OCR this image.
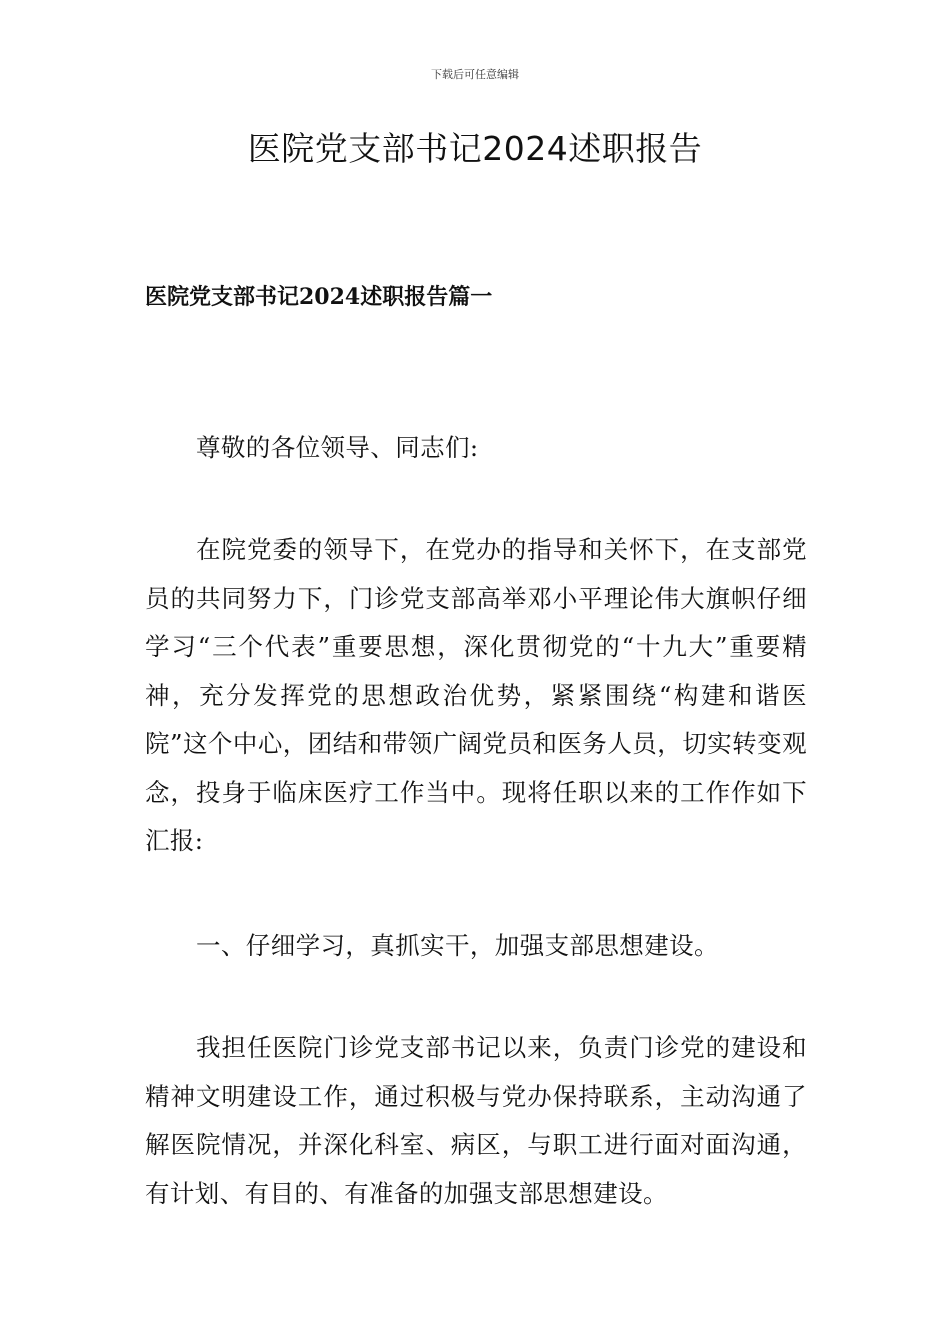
下载后可任意编辑
医院党支部书记2024述职报告
医院党支部书记2024述职报告篇一

尊敬的各位领导、同志们:

在院党委的领导下，在党办的指导和关怀下，在支部党员的共同努力下，门诊党支部高举邓小平理论伟大旗帜仔细学习“三个代表”重要思想，深化贯彻党的“十九大”重要精神，充分发挥党的思想政治优势，紧紧围绕“构建和谐医院”这个中心，团结和带领广阔党员和医务人员，切实转变观念，投身于临床医疗工作当中。现将任职以来的工作作如下汇报:

一、仔细学习，真抓实干，加强支部思想建设。

我担任医院门诊党支部书记以来，负责门诊党的建设和精神文明建设工作，通过积极与党办保持联系，主动沟通了解医院情况，并深化科室、病区，与职工进行面对面沟通，有计划、有目的、有准备的加强支部思想建设。
